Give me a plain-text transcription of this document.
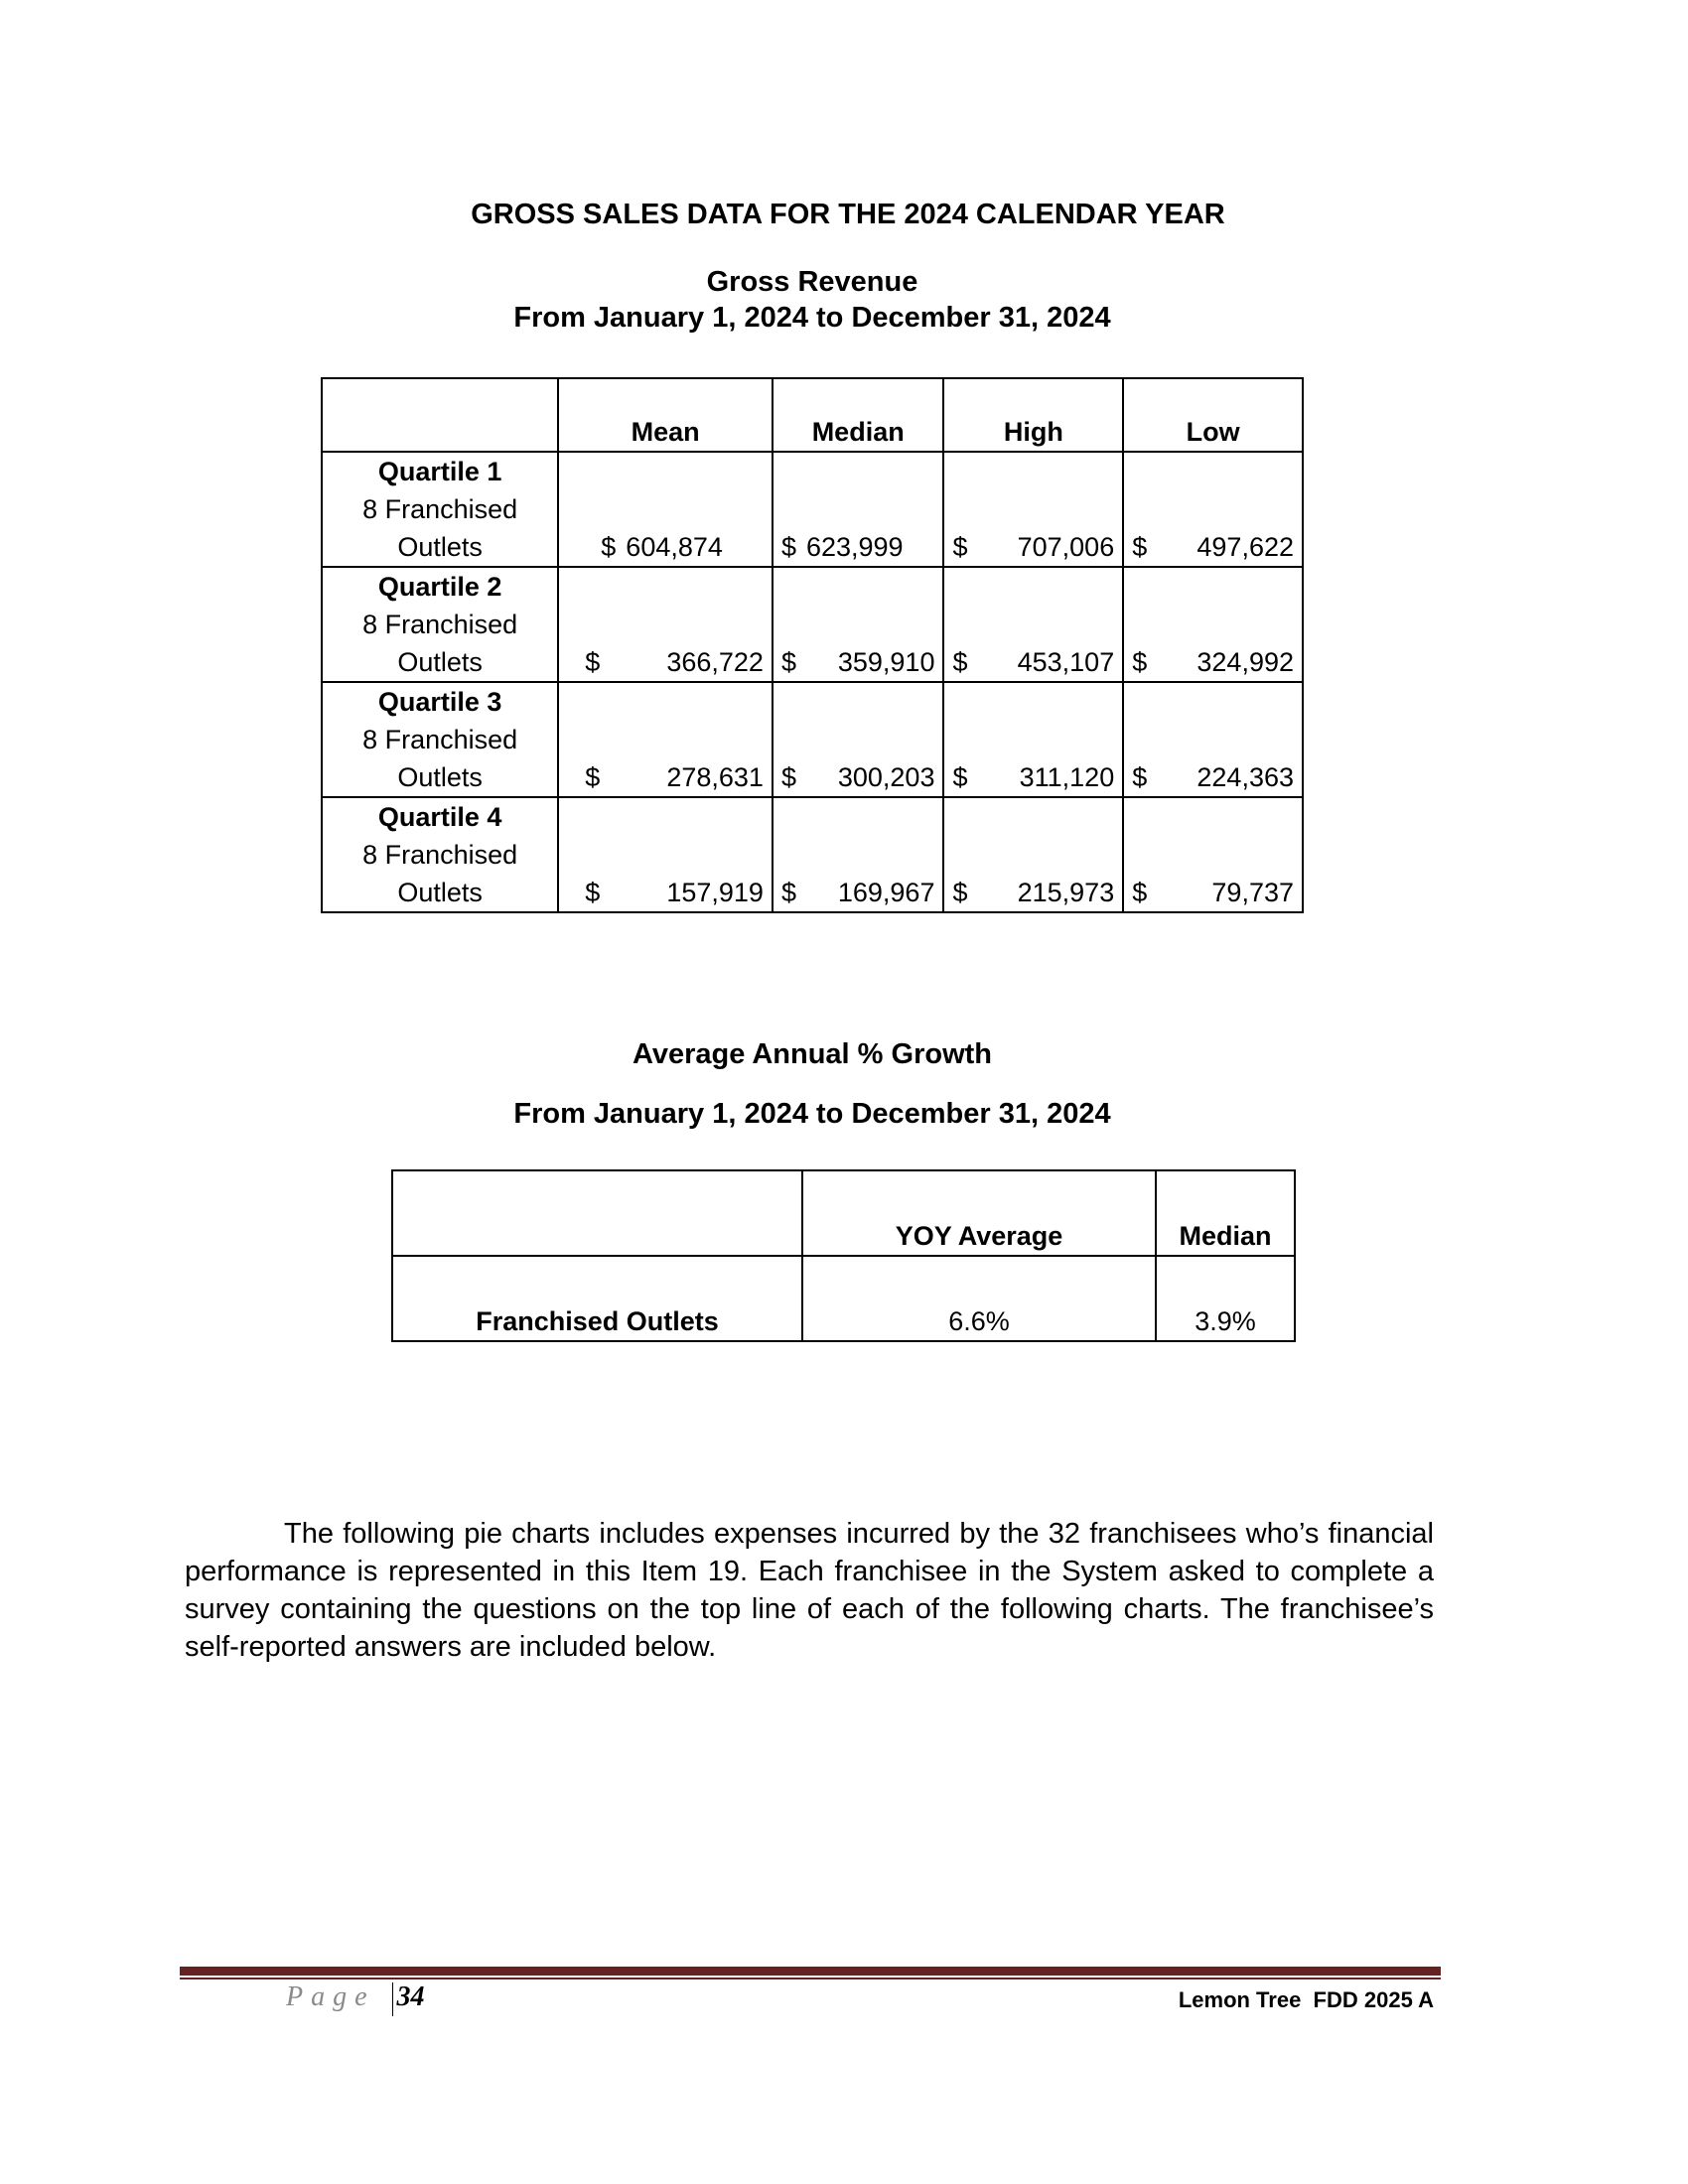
GROSS SALES DATA FOR THE 2024 CALENDAR YEAR
Gross Revenue
From January 1, 2024 to December 31, 2024
	Mean	Median	High	Low

Quartile 1
8 Franchised
Outlets	$ 604,874	$ 623,999	$ 707,006	$ 497,622

Quartile 2
8 Franchised
Outlets	$ 366,722	$ 359,910	$ 453,107	$ 324,992

Quartile 3
8 Franchised
Outlets	$ 278,631	$ 300,203	$ 311,120	$ 224,363

Quartile 4
8 Franchised
Outlets	$ 157,919	$ 169,967	$ 215,973	$ 79,737
Average Annual % Growth
From January 1, 2024 to December 31, 2024
	YOY Average	Median
Franchised Outlets	6.6%	3.9%
The following pie charts includes expenses incurred by the 32 franchisees who’s financial performance is represented in this Item 19. Each franchisee in the System asked to complete a survey containing the questions on the top line of each of the following charts. The franchisee’s self-reported answers are included below.
Page 34	Lemon Tree  FDD 2025 A
